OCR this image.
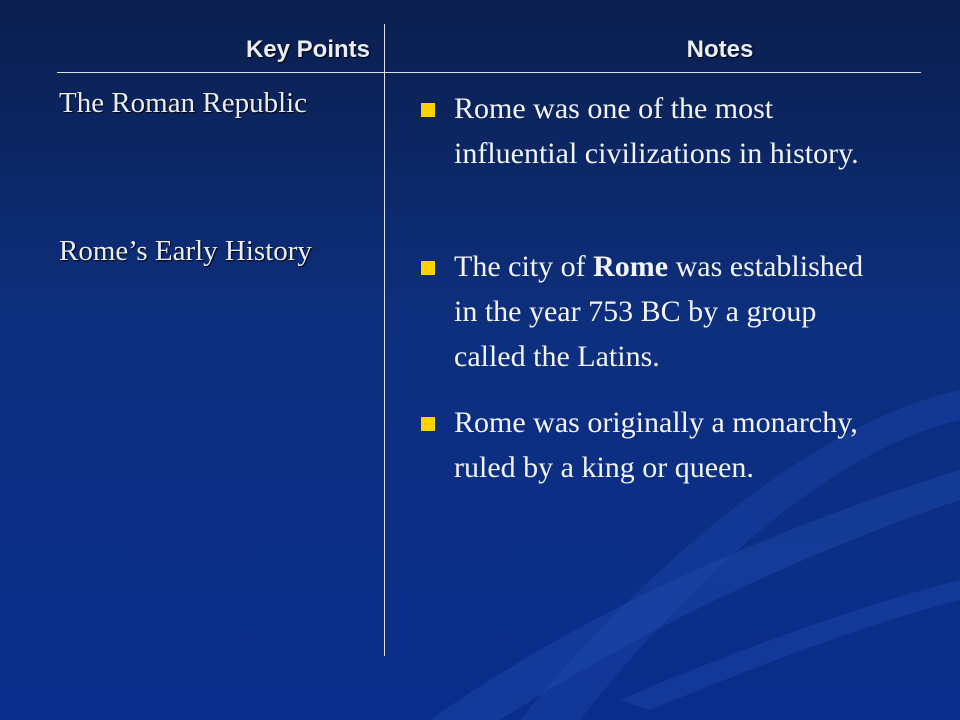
Key Points	Notes
The Roman Republic
Rome’s Early History
Rome was one of the most influential civilizations in history.
The city of Rome was established in the year 753 BC by a group called the Latins.
Rome was originally a monarchy, ruled by a king or queen.
